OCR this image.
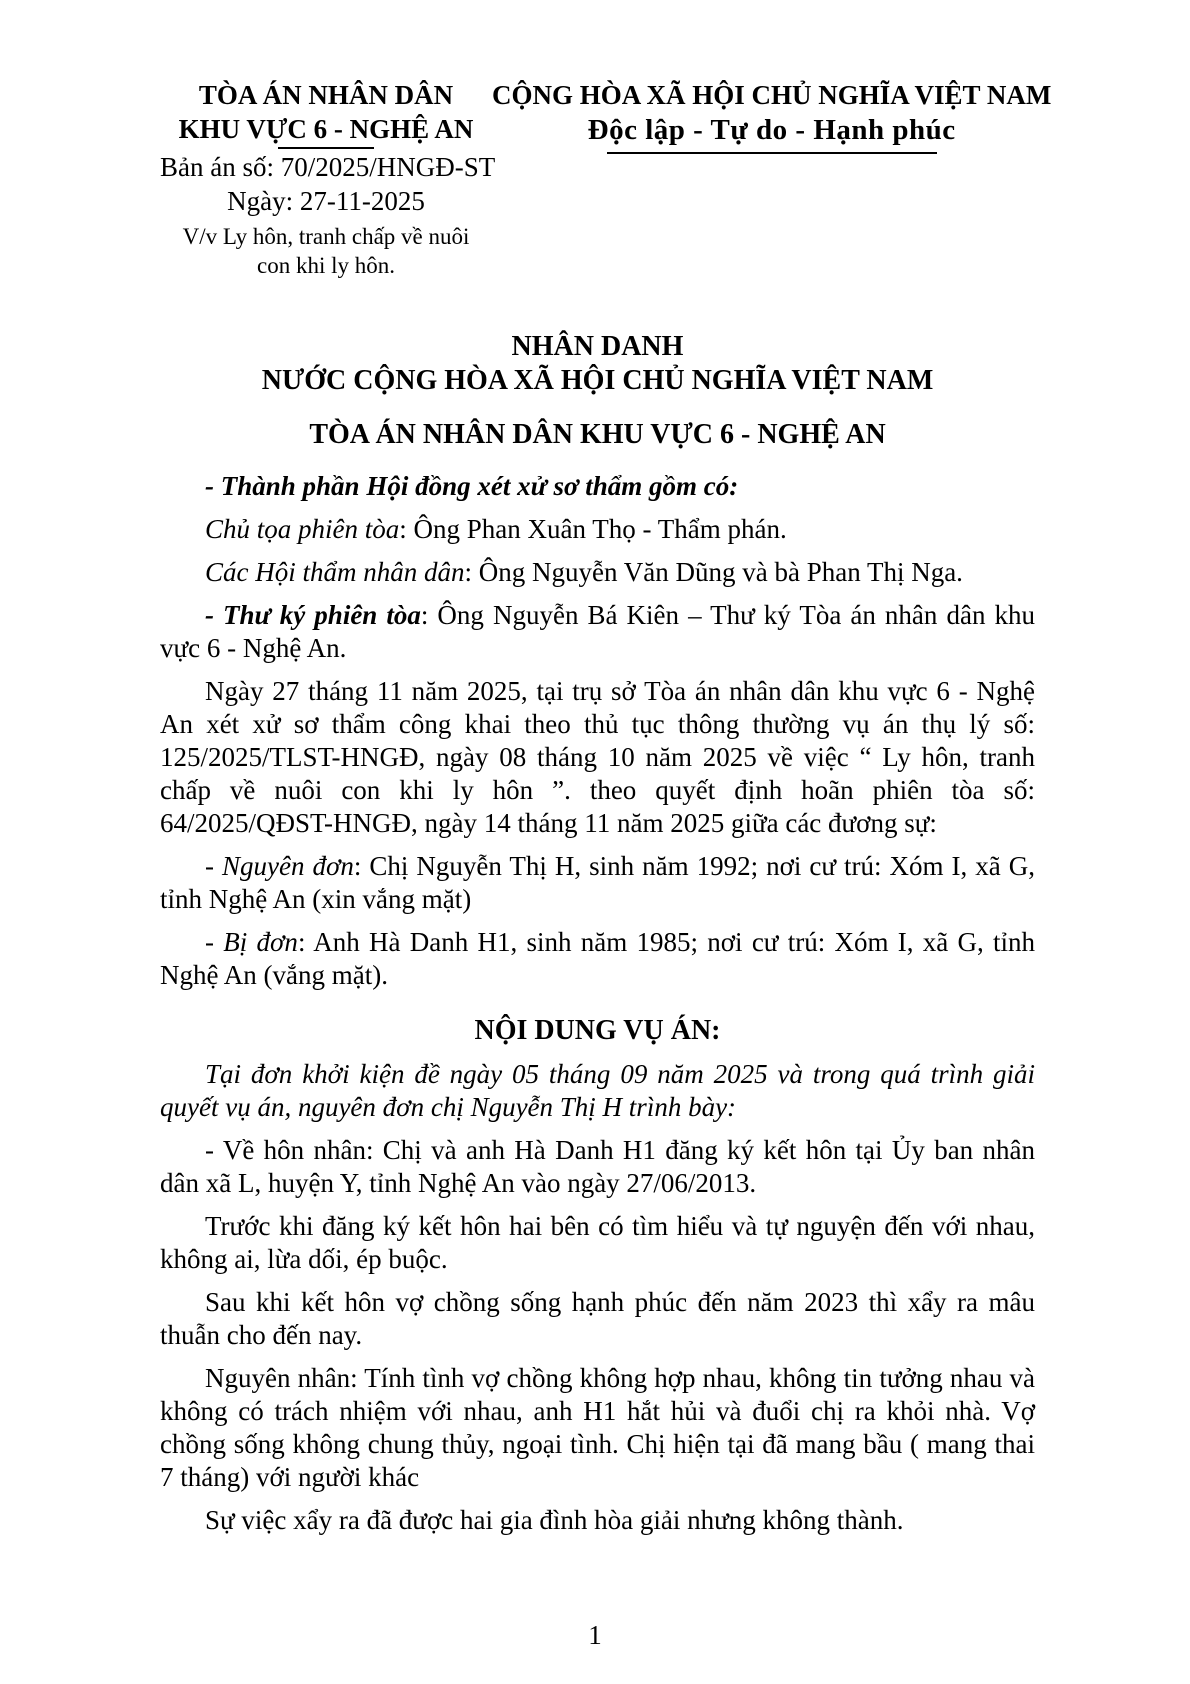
TÒA ÁN NHÂN DÂN
KHU VỰC 6 - NGHỆ AN
Bản án số: 70/2025/HNGĐ-ST
Ngày: 27-11-2025
V/v Ly hôn, tranh chấp về nuôi con khi ly hôn.
CỘNG HÒA XÃ HỘI CHỦ NGHĨA VIỆT NAM
Độc lập - Tự do - Hạnh phúc
NHÂN DANH
NƯỚC CỘNG HÒA XÃ HỘI CHỦ NGHĨA VIỆT NAM
TÒA ÁN NHÂN DÂN KHU VỰC 6 - NGHỆ AN

- Thành phần Hội đồng xét xử sơ thẩm gồm có:

Chủ tọa phiên tòa: Ông Phan Xuân Thọ - Thẩm phán.

Các Hội thẩm nhân dân: Ông Nguyễn Văn Dũng và bà Phan Thị Nga.

- Thư ký phiên tòa: Ông Nguyễn Bá Kiên – Thư ký Tòa án nhân dân khu vực 6 - Nghệ An.

Ngày 27 tháng 11 năm 2025, tại trụ sở Tòa án nhân dân khu vực 6 - Nghệ An xét xử sơ thẩm công khai theo thủ tục thông thường vụ án thụ lý số: 125/2025/TLST-HNGĐ, ngày 08 tháng 10 năm 2025 về việc “ Ly hôn, tranh chấp về nuôi con khi ly hôn ”. theo quyết định hoãn phiên tòa số: 64/2025/QĐST-HNGĐ, ngày 14 tháng 11 năm 2025 giữa các đương sự:

- Nguyên đơn: Chị Nguyễn Thị H, sinh năm 1992; nơi cư trú: Xóm I, xã G, tỉnh Nghệ An (xin vắng mặt)

- Bị đơn: Anh Hà Danh H1, sinh năm 1985; nơi cư trú: Xóm I, xã G, tỉnh Nghệ An (vắng mặt).

NỘI DUNG VỤ ÁN:

Tại đơn khởi kiện đề ngày 05 tháng 09 năm 2025 và trong quá trình giải quyết vụ án, nguyên đơn chị Nguyễn Thị H trình bày:

- Về hôn nhân: Chị và anh Hà Danh H1 đăng ký kết hôn tại Ủy ban nhân dân xã L, huyện Y, tỉnh Nghệ An vào ngày 27/06/2013.

Trước khi đăng ký kết hôn hai bên có tìm hiểu và tự nguyện đến với nhau, không ai, lừa dối, ép buộc.

Sau khi kết hôn vợ chồng sống hạnh phúc đến năm 2023 thì xẩy ra mâu thuẫn cho đến nay.

Nguyên nhân: Tính tình vợ chồng không hợp nhau, không tin tưởng nhau và không có trách nhiệm với nhau, anh H1 hắt hủi và đuổi chị ra khỏi nhà. Vợ chồng sống không chung thủy, ngoại tình. Chị hiện tại đã mang bầu ( mang thai 7 tháng) với người khác

Sự việc xẩy ra đã được hai gia đình hòa giải nhưng không thành.

1
